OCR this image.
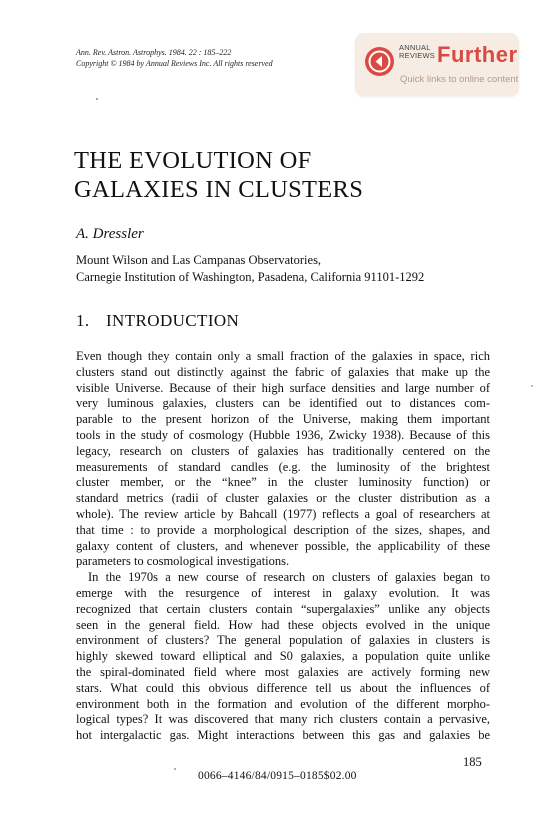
Ann. Rev. Astron. Astrophys. 1984. 22 : 185–222
Copyright © 1984 by Annual Reviews Inc. All rights reserved
ANNUAL
REVIEWS Further
Quick links to online content
THE EVOLUTION OF
GALAXIES IN CLUSTERS
A. Dressler
Mount Wilson and Las Campanas Observatories,
Carnegie Institution of Washington, Pasadena, California 91101-1292
1. INTRODUCTION
Even though they contain only a small fraction of the galaxies in space, rich
clusters stand out distinctly against the fabric of galaxies that make up the
visible Universe. Because of their high surface densities and large number of
very luminous galaxies, clusters can be identified out to distances com-
parable to the present horizon of the Universe, making them important
tools in the study of cosmology (Hubble 1936, Zwicky 1938). Because of this
legacy, research on clusters of galaxies has traditionally centered on the
measurements of standard candles (e.g. the luminosity of the brightest
cluster member, or the “knee” in the cluster luminosity function) or
standard metrics (radii of cluster galaxies or the cluster distribution as a
whole). The review article by Bahcall (1977) reflects a goal of researchers at
that time : to provide a morphological description of the sizes, shapes, and
galaxy content of clusters, and whenever possible, the applicability of these
parameters to cosmological investigations.
In the 1970s a new course of research on clusters of galaxies began to
emerge with the resurgence of interest in galaxy evolution. It was
recognized that certain clusters contain “supergalaxies” unlike any objects
seen in the general field. How had these objects evolved in the unique
environment of clusters? The general population of galaxies in clusters is
highly skewed toward elliptical and S0 galaxies, a population quite unlike
the spiral-dominated field where most galaxies are actively forming new
stars. What could this obvious difference tell us about the influences of
environment both in the formation and evolution of the different morpho-
logical types? It was discovered that many rich clusters contain a pervasive,
hot intergalactic gas. Might interactions between this gas and galaxies be
185
0066–4146/84/0915–0185$02.00
